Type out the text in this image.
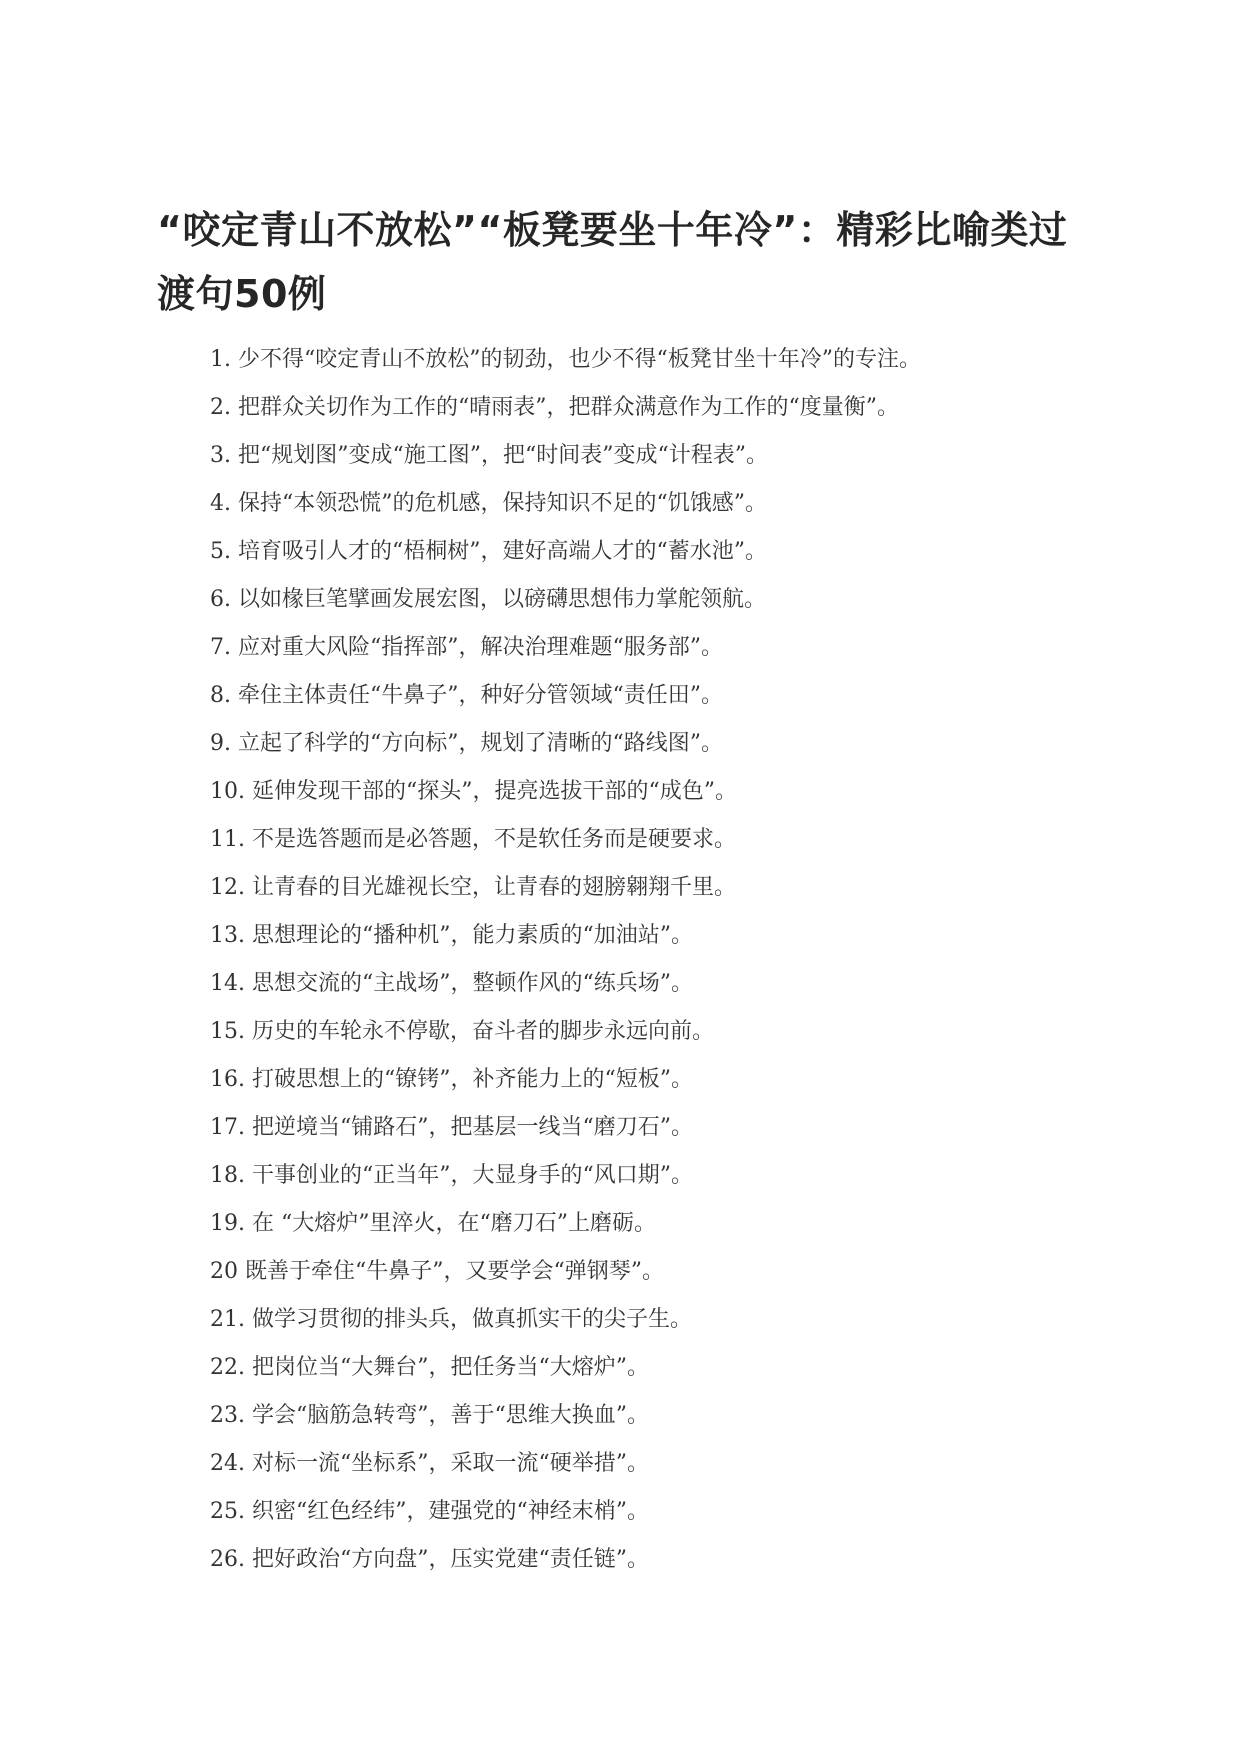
“咬定青山不放松”“板凳要坐十年冷”：精彩比喻类过渡句50例
1. 少不得“咬定青山不放松”的韧劲，也少不得“板凳甘坐十年冷”的专注。
2. 把群众关切作为工作的“晴雨表”，把群众满意作为工作的“度量衡”。
3. 把“规划图”变成“施工图”，把“时间表”变成“计程表”。
4. 保持“本领恐慌”的危机感，保持知识不足的“饥饿感”。
5. 培育吸引人才的“梧桐树”，建好高端人才的“蓄水池”。
6. 以如椽巨笔擘画发展宏图，以磅礴思想伟力掌舵领航。
7. 应对重大风险“指挥部”，解决治理难题“服务部”。
8. 牵住主体责任“牛鼻子”，种好分管领域“责任田”。
9. 立起了科学的“方向标”，规划了清晰的“路线图”。
10. 延伸发现干部的“探头”，提亮选拔干部的“成色”。
11. 不是选答题而是必答题，不是软任务而是硬要求。
12. 让青春的目光雄视长空，让青春的翅膀翱翔千里。
13. 思想理论的“播种机”，能力素质的“加油站”。
14. 思想交流的“主战场”，整顿作风的“练兵场”。
15. 历史的车轮永不停歇，奋斗者的脚步永远向前。
16. 打破思想上的“镣铐”，补齐能力上的“短板”。
17. 把逆境当“铺路石”，把基层一线当“磨刀石”。
18. 干事创业的“正当年”，大显身手的“风口期”。
19. 在 “大熔炉”里淬火，在“磨刀石”上磨砺。
20 既善于牵住“牛鼻子”，又要学会“弹钢琴”。
21. 做学习贯彻的排头兵，做真抓实干的尖子生。
22. 把岗位当“大舞台”，把任务当“大熔炉”。
23. 学会“脑筋急转弯”，善于“思维大换血”。
24. 对标一流“坐标系”，采取一流“硬举措”。
25. 织密“红色经纬”，建强党的“神经末梢”。
26. 把好政治“方向盘”，压实党建“责任链”。
